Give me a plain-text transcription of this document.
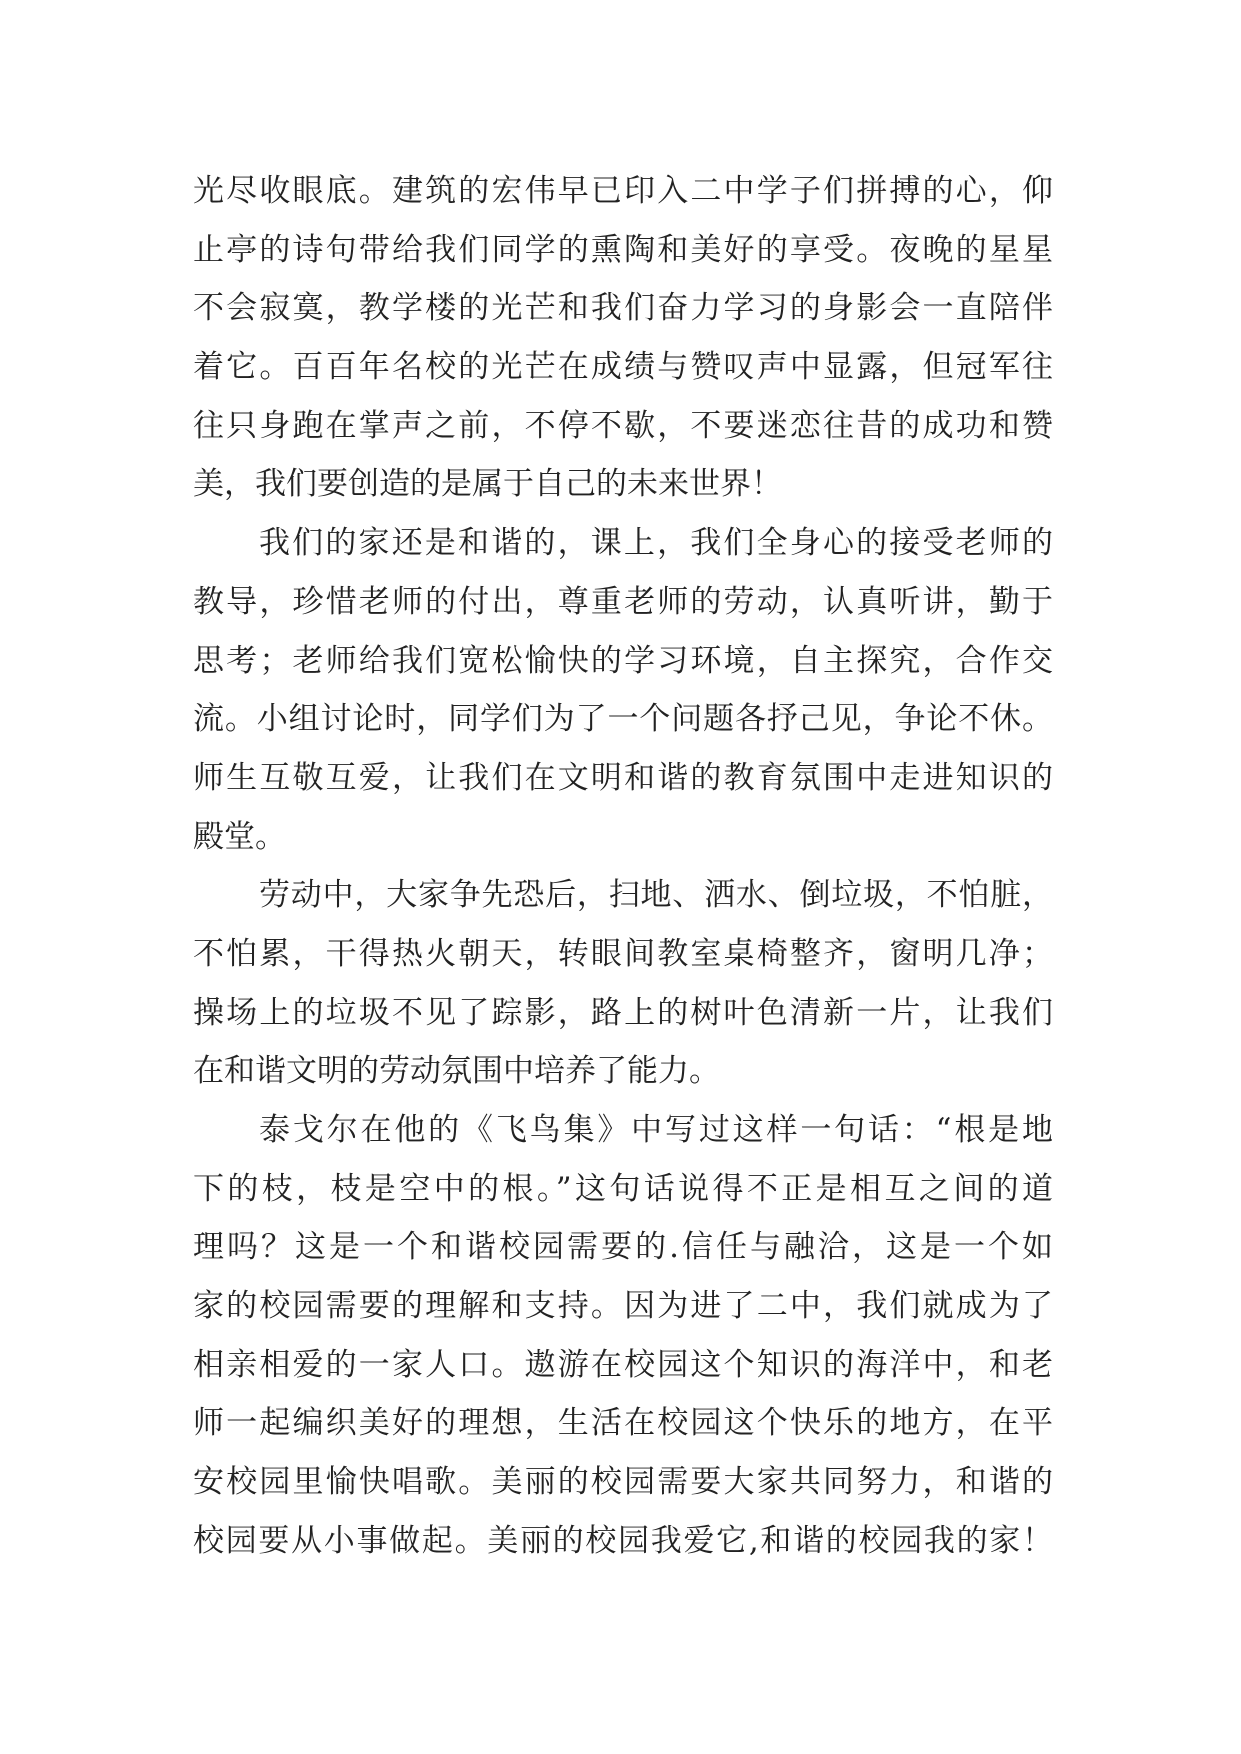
光尽收眼底。建筑的宏伟早已印入二中学子们拼搏的心，仰
止亭的诗句带给我们同学的熏陶和美好的享受。夜晚的星星
不会寂寞，教学楼的光芒和我们奋力学习的身影会一直陪伴
着它。百百年名校的光芒在成绩与赞叹声中显露，但冠军往
往只身跑在掌声之前，不停不歇，不要迷恋往昔的成功和赞
美，我们要创造的是属于自己的未来世界！
我们的家还是和谐的，课上，我们全身心的接受老师的
教导，珍惜老师的付出，尊重老师的劳动，认真听讲，勤于
思考；老师给我们宽松愉快的学习环境，自主探究，合作交
流。小组讨论时，同学们为了一个问题各抒己见，争论不休。
师生互敬互爱，让我们在文明和谐的教育氛围中走进知识的
殿堂。
劳动中，大家争先恐后，扫地、洒水、倒垃圾，不怕脏，
不怕累，干得热火朝天，转眼间教室桌椅整齐，窗明几净；
操场上的垃圾不见了踪影，路上的树叶色清新一片，让我们
在和谐文明的劳动氛围中培养了能力。
泰戈尔在他的《飞鸟集》中写过这样一句话：“根是地
下的枝，枝是空中的根。”这句话说得不正是相互之间的道
理吗？这是一个和谐校园需要的.信任与融洽，这是一个如
家的校园需要的理解和支持。因为进了二中，我们就成为了
相亲相爱的一家人口。遨游在校园这个知识的海洋中，和老
师一起编织美好的理想，生活在校园这个快乐的地方，在平
安校园里愉快唱歌。美丽的校园需要大家共同努力，和谐的
校园要从小事做起。美丽的校园我爱它,和谐的校园我的家！
